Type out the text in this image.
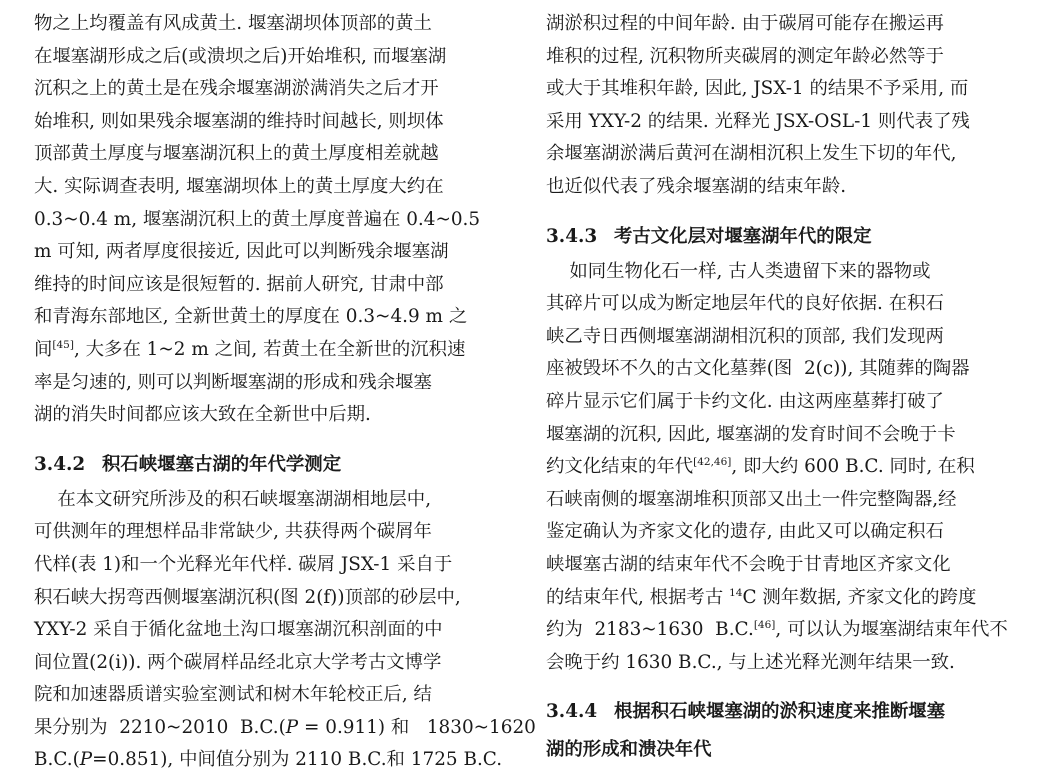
物之上均覆盖有风成黄土. 堰塞湖坝体顶部的黄土
在堰塞湖形成之后(或溃坝之后)开始堆积, 而堰塞湖
沉积之上的黄土是在残余堰塞湖淤满消失之后才开
始堆积, 则如果残余堰塞湖的维持时间越长, 则坝体
顶部黄土厚度与堰塞湖沉积上的黄土厚度相差就越
大. 实际调查表明, 堰塞湖坝体上的黄土厚度大约在
0.3~0.4 m, 堰塞湖沉积上的黄土厚度普遍在 0.4~0.5
m 可知, 两者厚度很接近, 因此可以判断残余堰塞湖
维持的时间应该是很短暂的. 据前人研究, 甘肃中部
和青海东部地区, 全新世黄土的厚度在 0.3~4.9 m 之
间[45], 大多在 1~2 m 之间, 若黄土在全新世的沉积速
率是匀速的, 则可以判断堰塞湖的形成和残余堰塞
湖的消失时间都应该大致在全新世中后期.
3.4.2 积石峡堰塞古湖的年代学测定
在本文研究所涉及的积石峡堰塞湖湖相地层中,
可供测年的理想样品非常缺少, 共获得两个碳屑年
代样(表 1)和一个光释光年代样. 碳屑 JSX-1 采自于
积石峡大拐弯西侧堰塞湖沉积(图 2(f))顶部的砂层中,
YXY-2 采自于循化盆地土沟口堰塞湖沉积剖面的中
间位置(2(i)). 两个碳屑样品经北京大学考古文博学
院和加速器质谱实验室测试和树木年轮校正后, 结
果分别为  2210~2010  B.C.(P = 0.911) 和   1830~1620
B.C.(P=0.851), 中间值分别为 2110 B.C.和 1725 B.C.
湖淤积过程的中间年龄. 由于碳屑可能存在搬运再
堆积的过程, 沉积物所夹碳屑的测定年龄必然等于
或大于其堆积年龄, 因此, JSX-1 的结果不予采用, 而
采用 YXY-2 的结果. 光释光 JSX-OSL-1 则代表了残
余堰塞湖淤满后黄河在湖相沉积上发生下切的年代,
也近似代表了残余堰塞湖的结束年龄.
3.4.3 考古文化层对堰塞湖年代的限定
如同生物化石一样, 古人类遗留下来的器物或
其碎片可以成为断定地层年代的良好依据. 在积石
峡乙寺日西侧堰塞湖湖相沉积的顶部, 我们发现两
座被毁坏不久的古文化墓葬(图  2(c)), 其随葬的陶器
碎片显示它们属于卡约文化. 由这两座墓葬打破了
堰塞湖的沉积, 因此, 堰塞湖的发育时间不会晚于卡
约文化结束的年代[42,46], 即大约 600 B.C. 同时, 在积
石峡南侧的堰塞湖堆积顶部又出土一件完整陶器,经
鉴定确认为齐家文化的遗存, 由此又可以确定积石
峡堰塞古湖的结束年代不会晚于甘青地区齐家文化
的结束年代, 根据考古 $^{14}$C 测年数据, 齐家文化的跨度
约为  2183~1630  B.C.[46], 可以认为堰塞湖结束年代不
会晚于约 1630 B.C., 与上述光释光测年结果一致.
3.4.4 根据积石峡堰塞湖的淤积速度来推断堰塞
湖的形成和溃决年代
